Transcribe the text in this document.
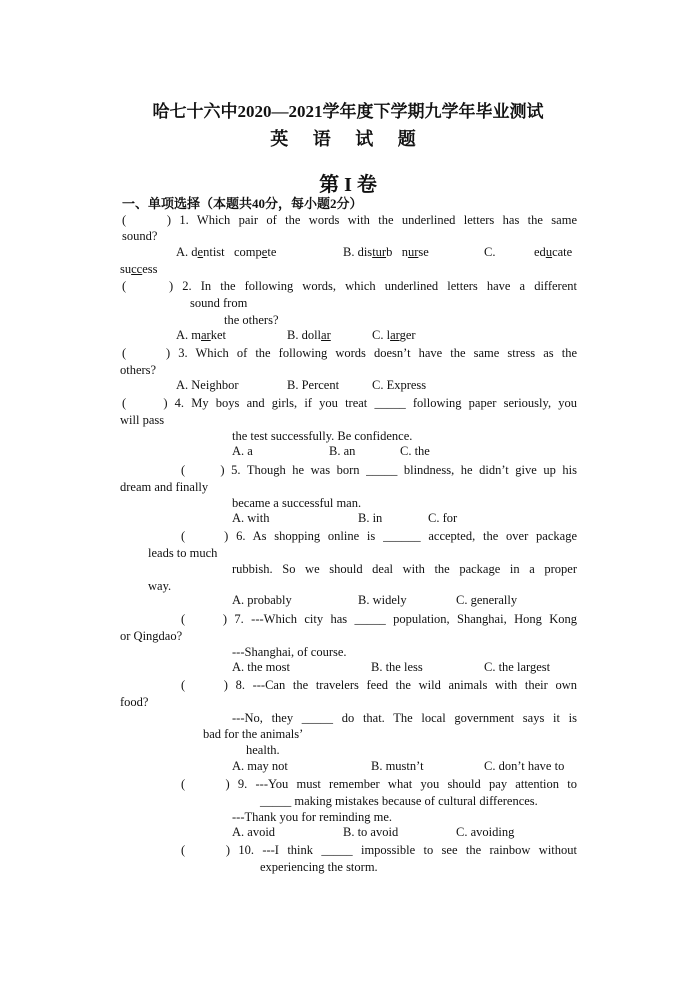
哈七十六中2020—2021学年度下学期九学年毕业测试
英 语 试 题
第 I 卷
一、单项选择（本题共40分，每小题2分）
(　　) 1. Which pair of the words with the underlined letters has the same
sound?
A. dentist   compete	B. disturb   nurse	C.	educate
success
(　　) 2. In the following words, which underlined letters have a different
sound from
the others?
A. market	B. dollar	C. larger
(　　) 3. Which of the following words doesn’t have the same stress as the
others?
A. Neighbor	B. Percent	C. Express
(　　) 4. My boys and girls, if you treat _____ following paper seriously, you
will pass
the test successfully. Be confidence.
A. a	B. an	C. the
(　　) 5. Though he was born _____ blindness, he didn’t give up his
dream and finally
became a successful man.
A. with	B. in	C. for
(　　) 6. As shopping online is ______ accepted, the over package
leads to much
rubbish. So we should deal with the package in a proper
way.
A. probably	B. widely	C. generally
(　　) 7. ---Which city has _____ population, Shanghai, Hong Kong
or Qingdao?
---Shanghai, of course.
A. the most	B. the less	C. the largest
(　　) 8. ---Can the travelers feed the wild animals with their own
food?
---No, they _____ do that. The local government says it is
bad for the animals’
health.
A. may not	B. mustn’t	C. don’t have to
(　　) 9. ---You must remember what you should pay attention to
_____ making mistakes because of cultural differences.
---Thank you for reminding me.
A. avoid	B. to avoid	C. avoiding
(　　) 10. ---I think _____ impossible to see the rainbow without
experiencing the storm.
